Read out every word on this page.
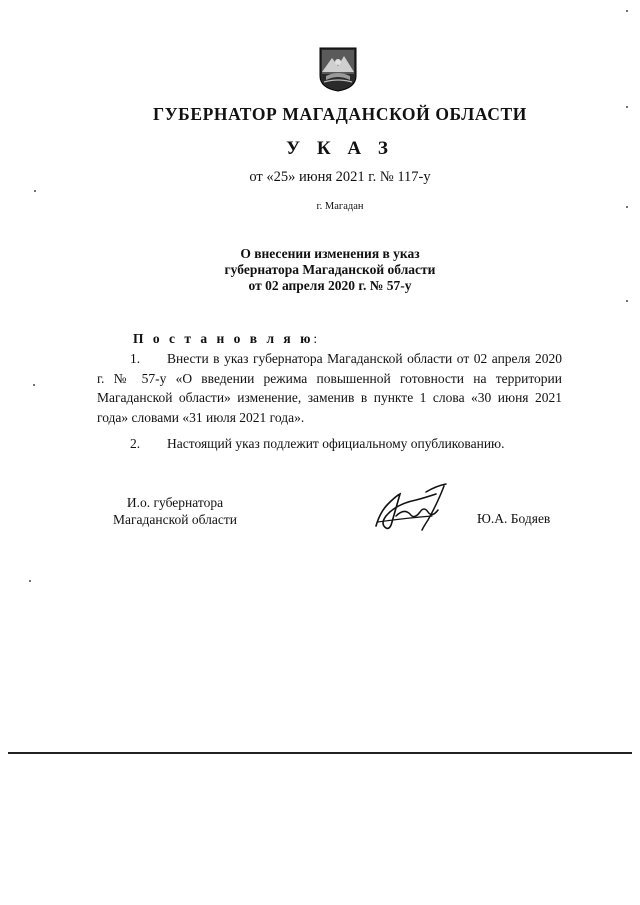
ГУБЕРНАТОР МАГАДАНСКОЙ ОБЛАСТИ
У К А З
от «25» июня 2021 г. № 117-у
г. Магадан
О внесении изменения в указ
губернатора Магаданской области
от 02 апреля 2020 г. № 57-у
П о с т а н о в л я ю:
1. Внести в указ губернатора Магаданской области от 02 апреля 2020 г. № 57-у «О введении режима повышенной готовности на территории Магаданской области» изменение, заменив в пункте 1 слова «30 июня 2021 года» словами «31 июля 2021 года».
2. Настоящий указ подлежит официальному опубликованию.
И.о. губернатора
Магаданской области	Ю.А. Бодяев
